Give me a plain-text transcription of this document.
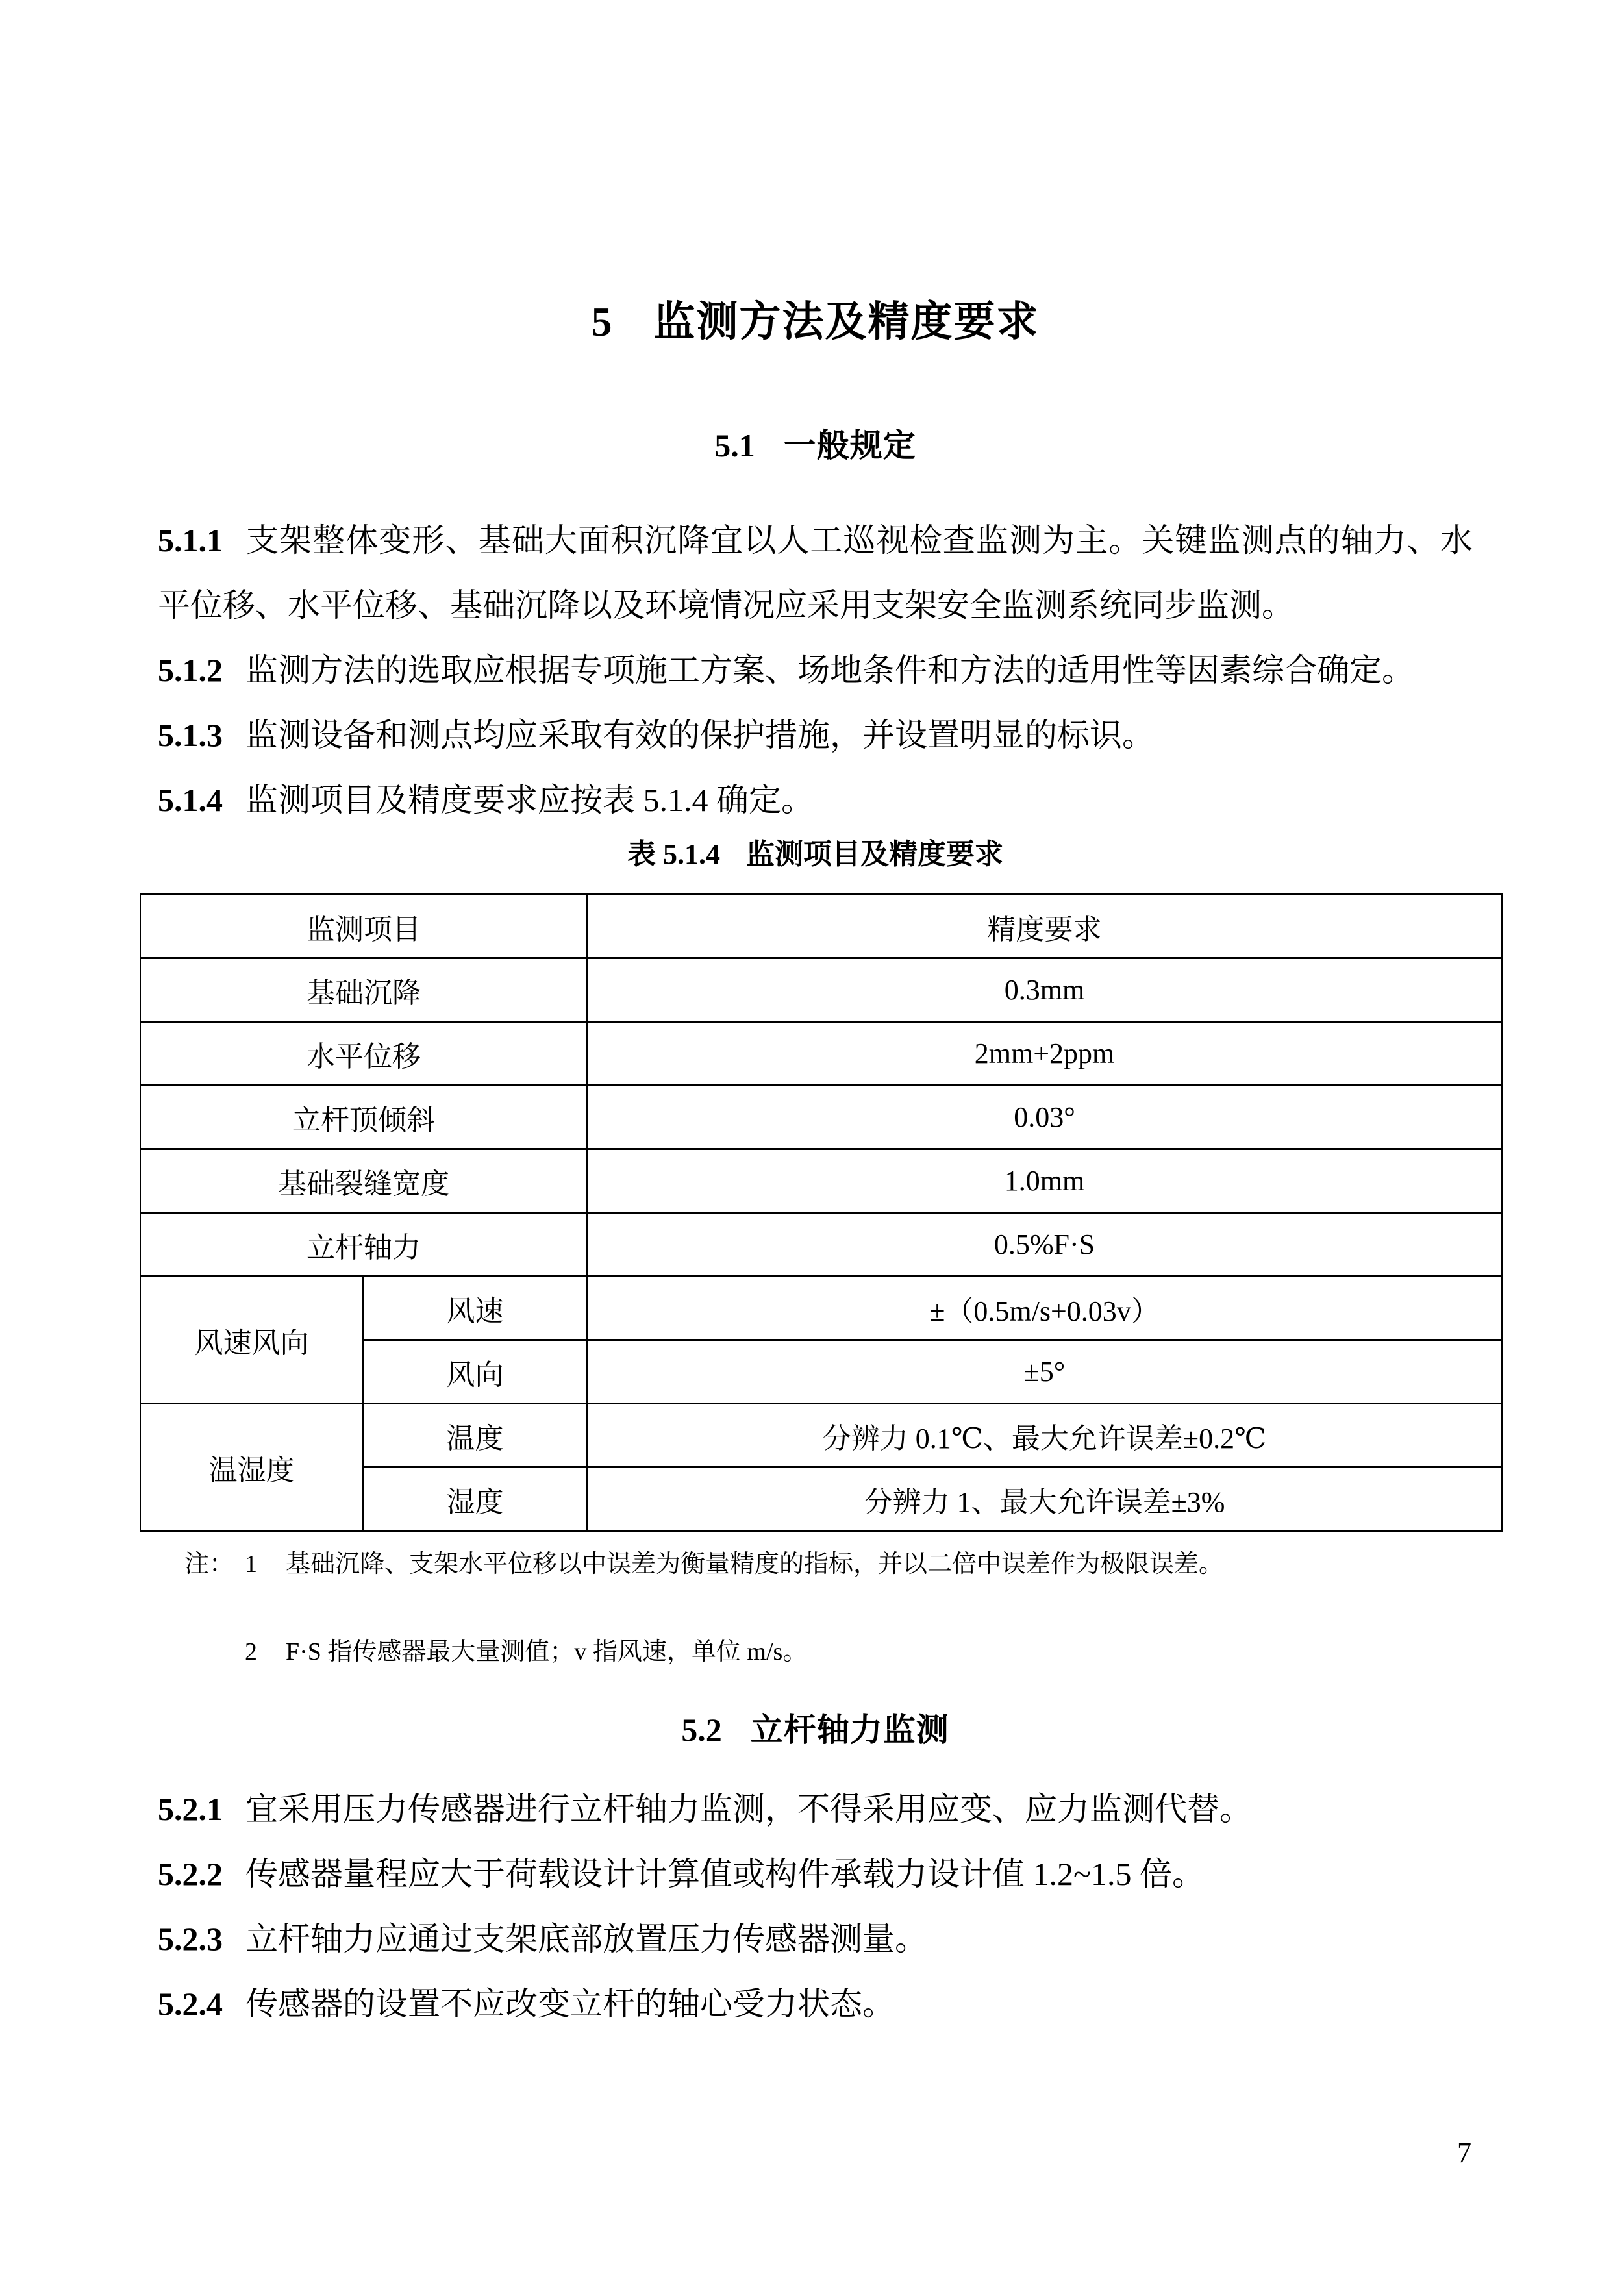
5 监测方法及精度要求
5.1 一般规定

5.1.1 支架整体变形、基础大面积沉降宜以人工巡视检查监测为主。关键监测点的轴力、水平位移、水平位移、基础沉降以及环境情况应采用支架安全监测系统同步监测。

5.1.2 监测方法的选取应根据专项施工方案、场地条件和方法的适用性等因素综合确定。

5.1.3 监测设备和测点均应采取有效的保护措施，并设置明显的标识。

5.1.4 监测项目及精度要求应按表 5.1.4 确定。

表 5.1.4 监测项目及精度要求
监测项目		精度要求
基础沉降		0.3mm
水平位移		2mm+2ppm
立杆顶倾斜		0.03°
基础裂缝宽度		1.0mm
立杆轴力		0.5%F·S
风速风向	风速	±（0.5m/s+0.03v）
	风向	±5°
温湿度	温度	分辨力 0.1℃、最大允许误差±0.2℃
	湿度	分辨力 1、最大允许误差±3%
注： 1	基础沉降、支架水平位移以中误差为衡量精度的指标，并以二倍中误差作为极限误差。
2	F·S 指传感器最大量测值；v 指风速，单位 m/s。
5.2 立杆轴力监测

5.2.1 宜采用压力传感器进行立杆轴力监测，不得采用应变、应力监测代替。

5.2.2 传感器量程应大于荷载设计计算值或构件承载力设计值 1.2~1.5 倍。

5.2.3 立杆轴力应通过支架底部放置压力传感器测量。

5.2.4 传感器的设置不应改变立杆的轴心受力状态。

7
